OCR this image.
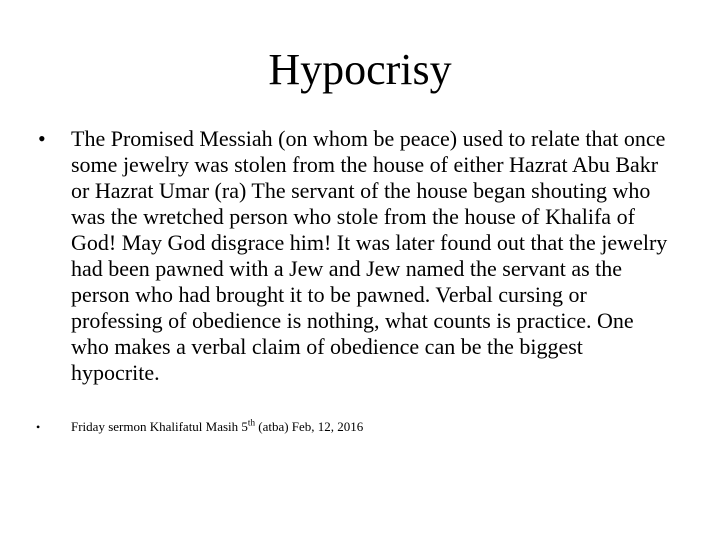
Hypocrisy
• The Promised Messiah (on whom be peace) used to relate that once some jewelry was stolen from the house of either Hazrat Abu Bakr or Hazrat Umar (ra) The servant of the house began shouting who was the wretched person who stole from the house of Khalifa of God! May God disgrace him! It was later found out that the jewelry had been pawned with a Jew and Jew named the servant as the person who had brought it to be pawned. Verbal cursing or professing of obedience is nothing, what counts is practice. One who makes a verbal claim of obedience can be the biggest hypocrite.
• Friday sermon Khalifatul Masih 5th (atba) Feb, 12, 2016
